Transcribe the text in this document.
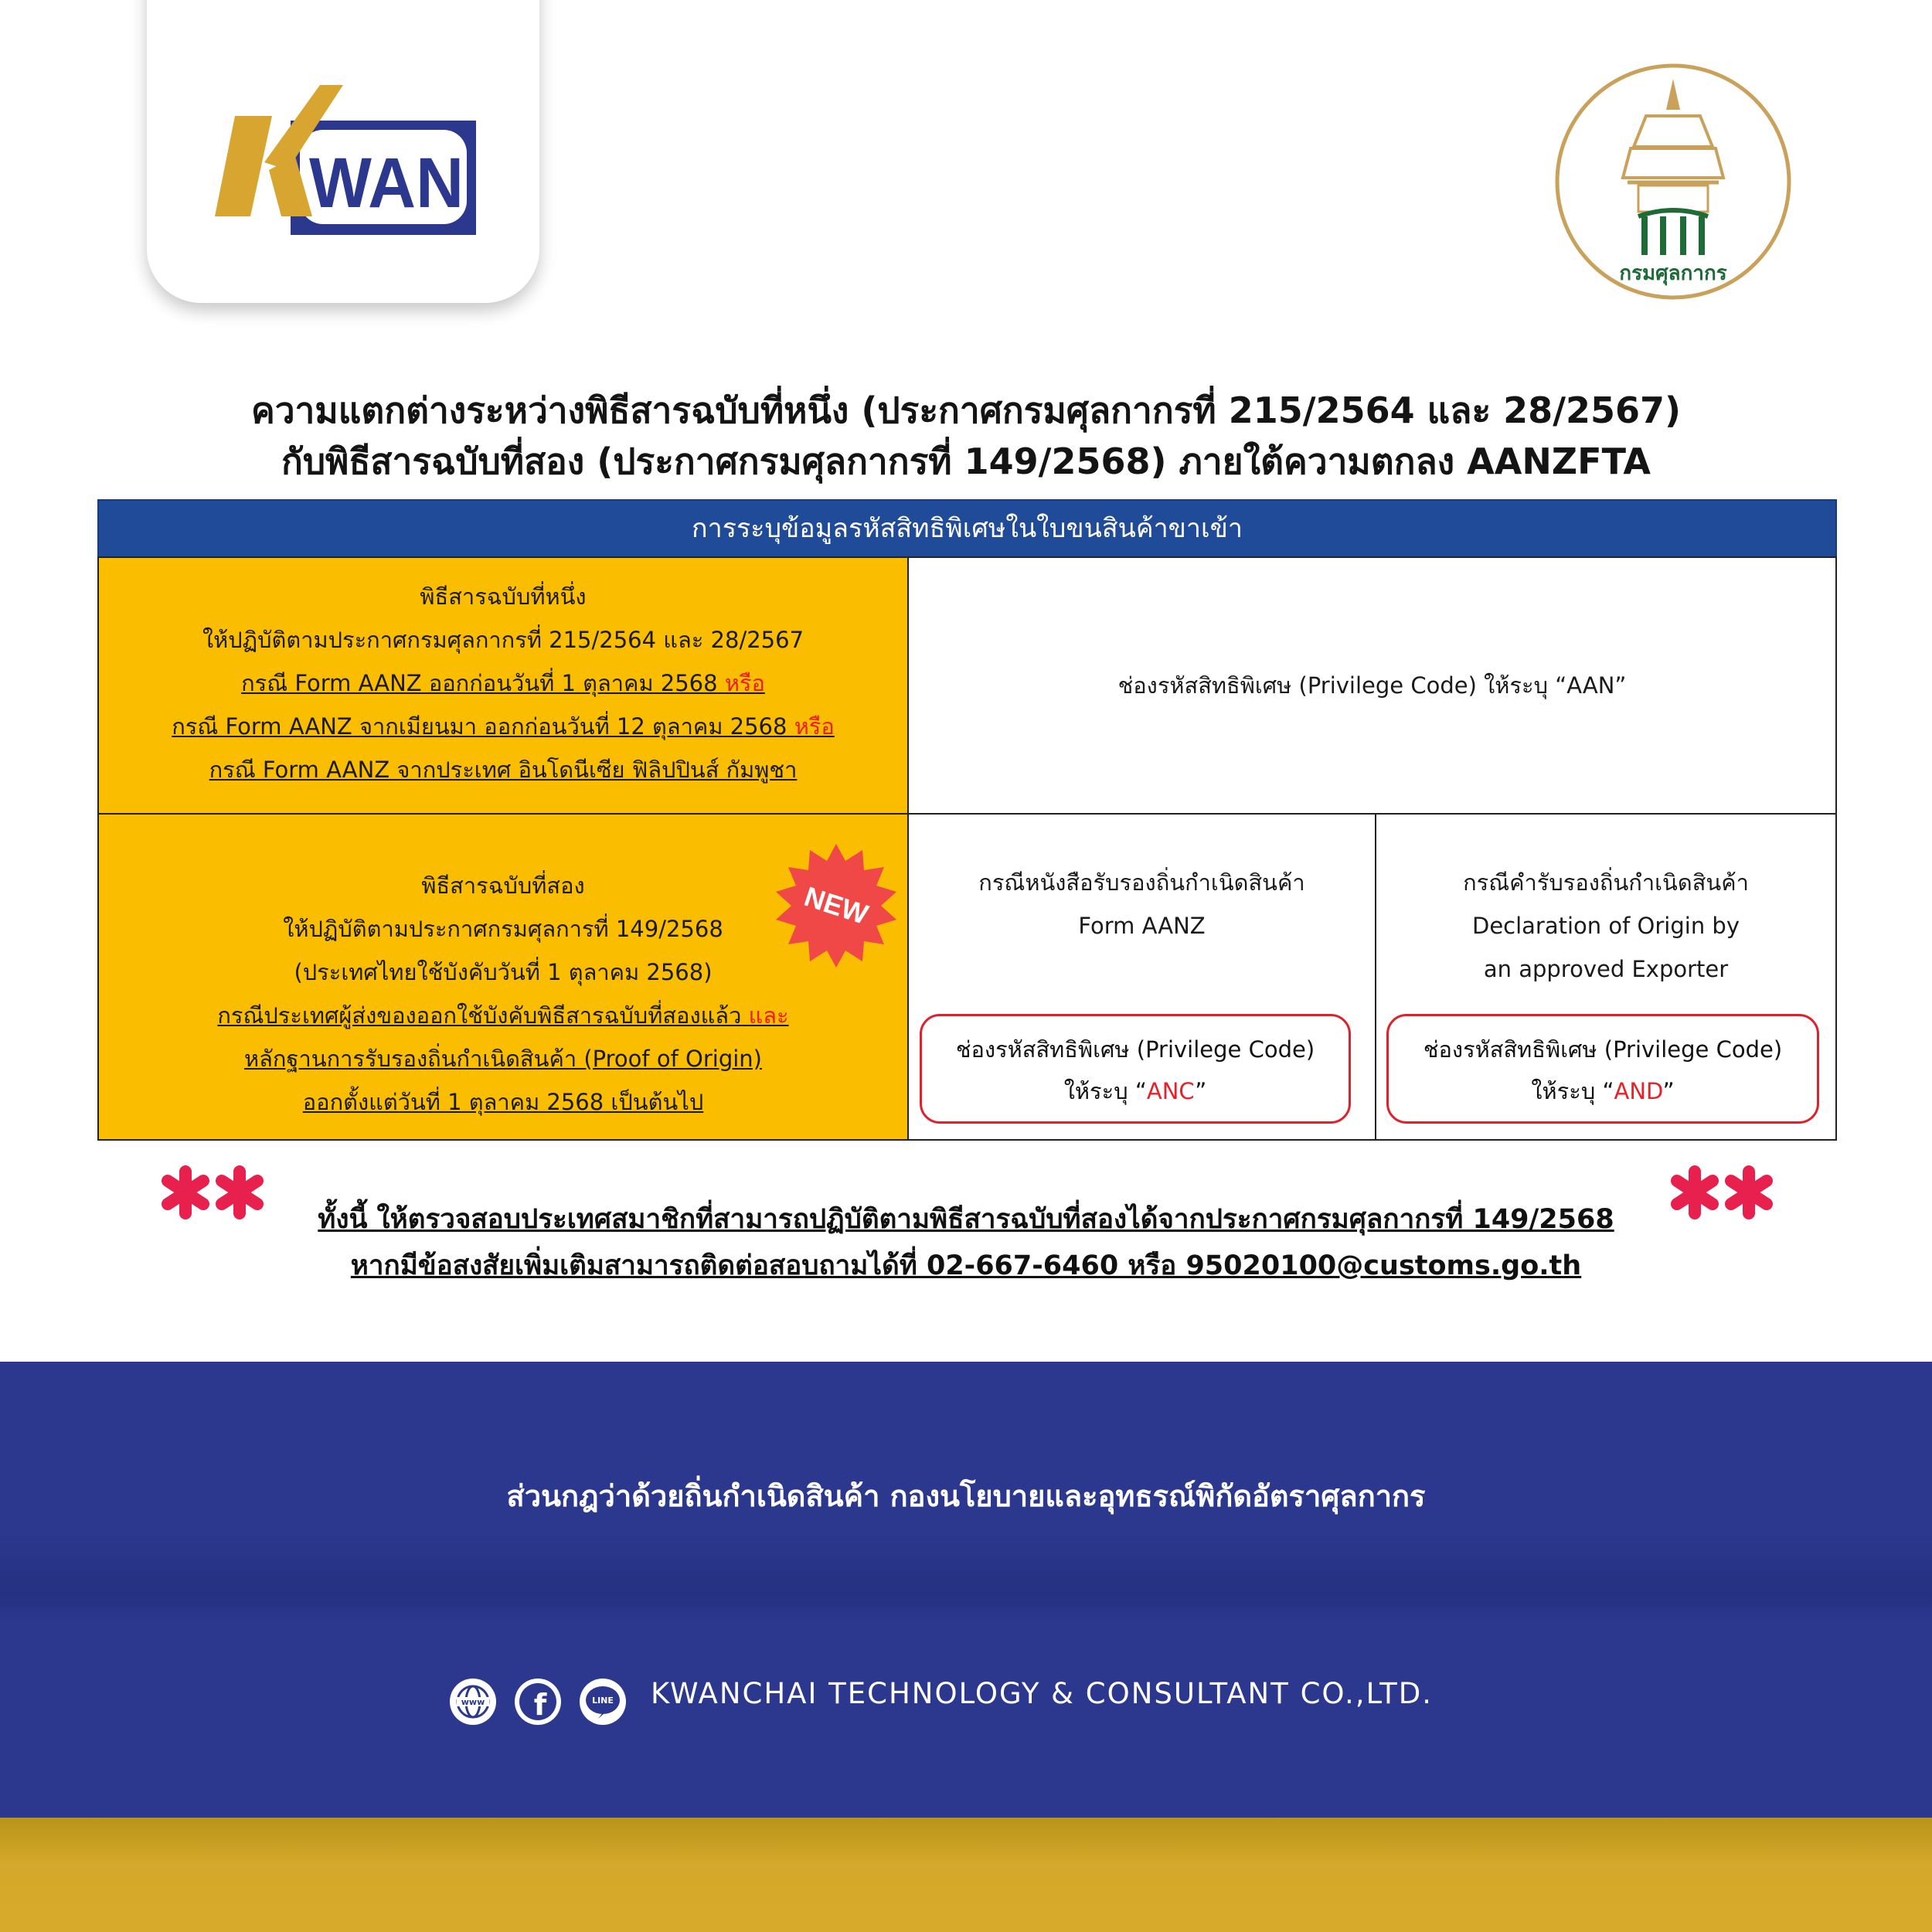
WAN
กรมศุลกากร
ความแตกต่างระหว่างพิธีสารฉบับที่หนึ่ง (ประกาศกรมศุลกากรที่ 215/2564 และ 28/2567)
กับพิธีสารฉบับที่สอง (ประกาศกรมศุลกากรที่ 149/2568) ภายใต้ความตกลง AANZFTA
การระบุข้อมูลรหัสสิทธิพิเศษในใบขนสินค้าขาเข้า
พิธีสารฉบับที่หนึ่ง
ให้ปฏิบัติตามประกาศกรมศุลกากรที่ 215/2564 และ 28/2567
กรณี Form AANZ ออกก่อนวันที่ 1 ตุลาคม 2568 หรือ
กรณี Form AANZ จากเมียนมา ออกก่อนวันที่ 12 ตุลาคม 2568 หรือ
กรณี Form AANZ จากประเทศ อินโดนีเซีย ฟิลิปปินส์ กัมพูชา
ช่องรหัสสิทธิพิเศษ (Privilege Code) ให้ระบุ “AAN”
พิธีสารฉบับที่สอง
ให้ปฏิบัติตามประกาศกรมศุลการที่ 149/2568
(ประเทศไทยใช้บังคับวันที่ 1 ตุลาคม 2568)
กรณีประเทศผู้ส่งของออกใช้บังคับพิธีสารฉบับที่สองแล้ว และ
หลักฐานการรับรองถิ่นกำเนิดสินค้า (Proof of Origin)
ออกตั้งแต่วันที่ 1 ตุลาคม 2568 เป็นต้นไป
NEW	กรณีหนังสือรับรองถิ่นกำเนิดสินค้า
Form AANZ
ช่องรหัสสิทธิพิเศษ (Privilege Code)
ให้ระบุ “ANC”
กรณีคำรับรองถิ่นกำเนิดสินค้า
Declaration of Origin by
an approved Exporter
ช่องรหัสสิทธิพิเศษ (Privilege Code)
ให้ระบุ “AND”
ทั้งนี้ ให้ตรวจสอบประเทศสมาชิกที่สามารถปฏิบัติตามพิธีสารฉบับที่สองได้จากประกาศกรมศุลกากรที่ 149/2568
หากมีข้อสงสัยเพิ่มเติมสามารถติดต่อสอบถามได้ที่ 02-667-6460 หรือ 95020100@customs.go.th
ส่วนกฎว่าด้วยถิ่นกำเนิดสินค้า กองนโยบายและอุทธรณ์พิกัดอัตราศุลกากร
www f	LINE KWANCHAI TECHNOLOGY & CONSULTANT CO.,LTD.
